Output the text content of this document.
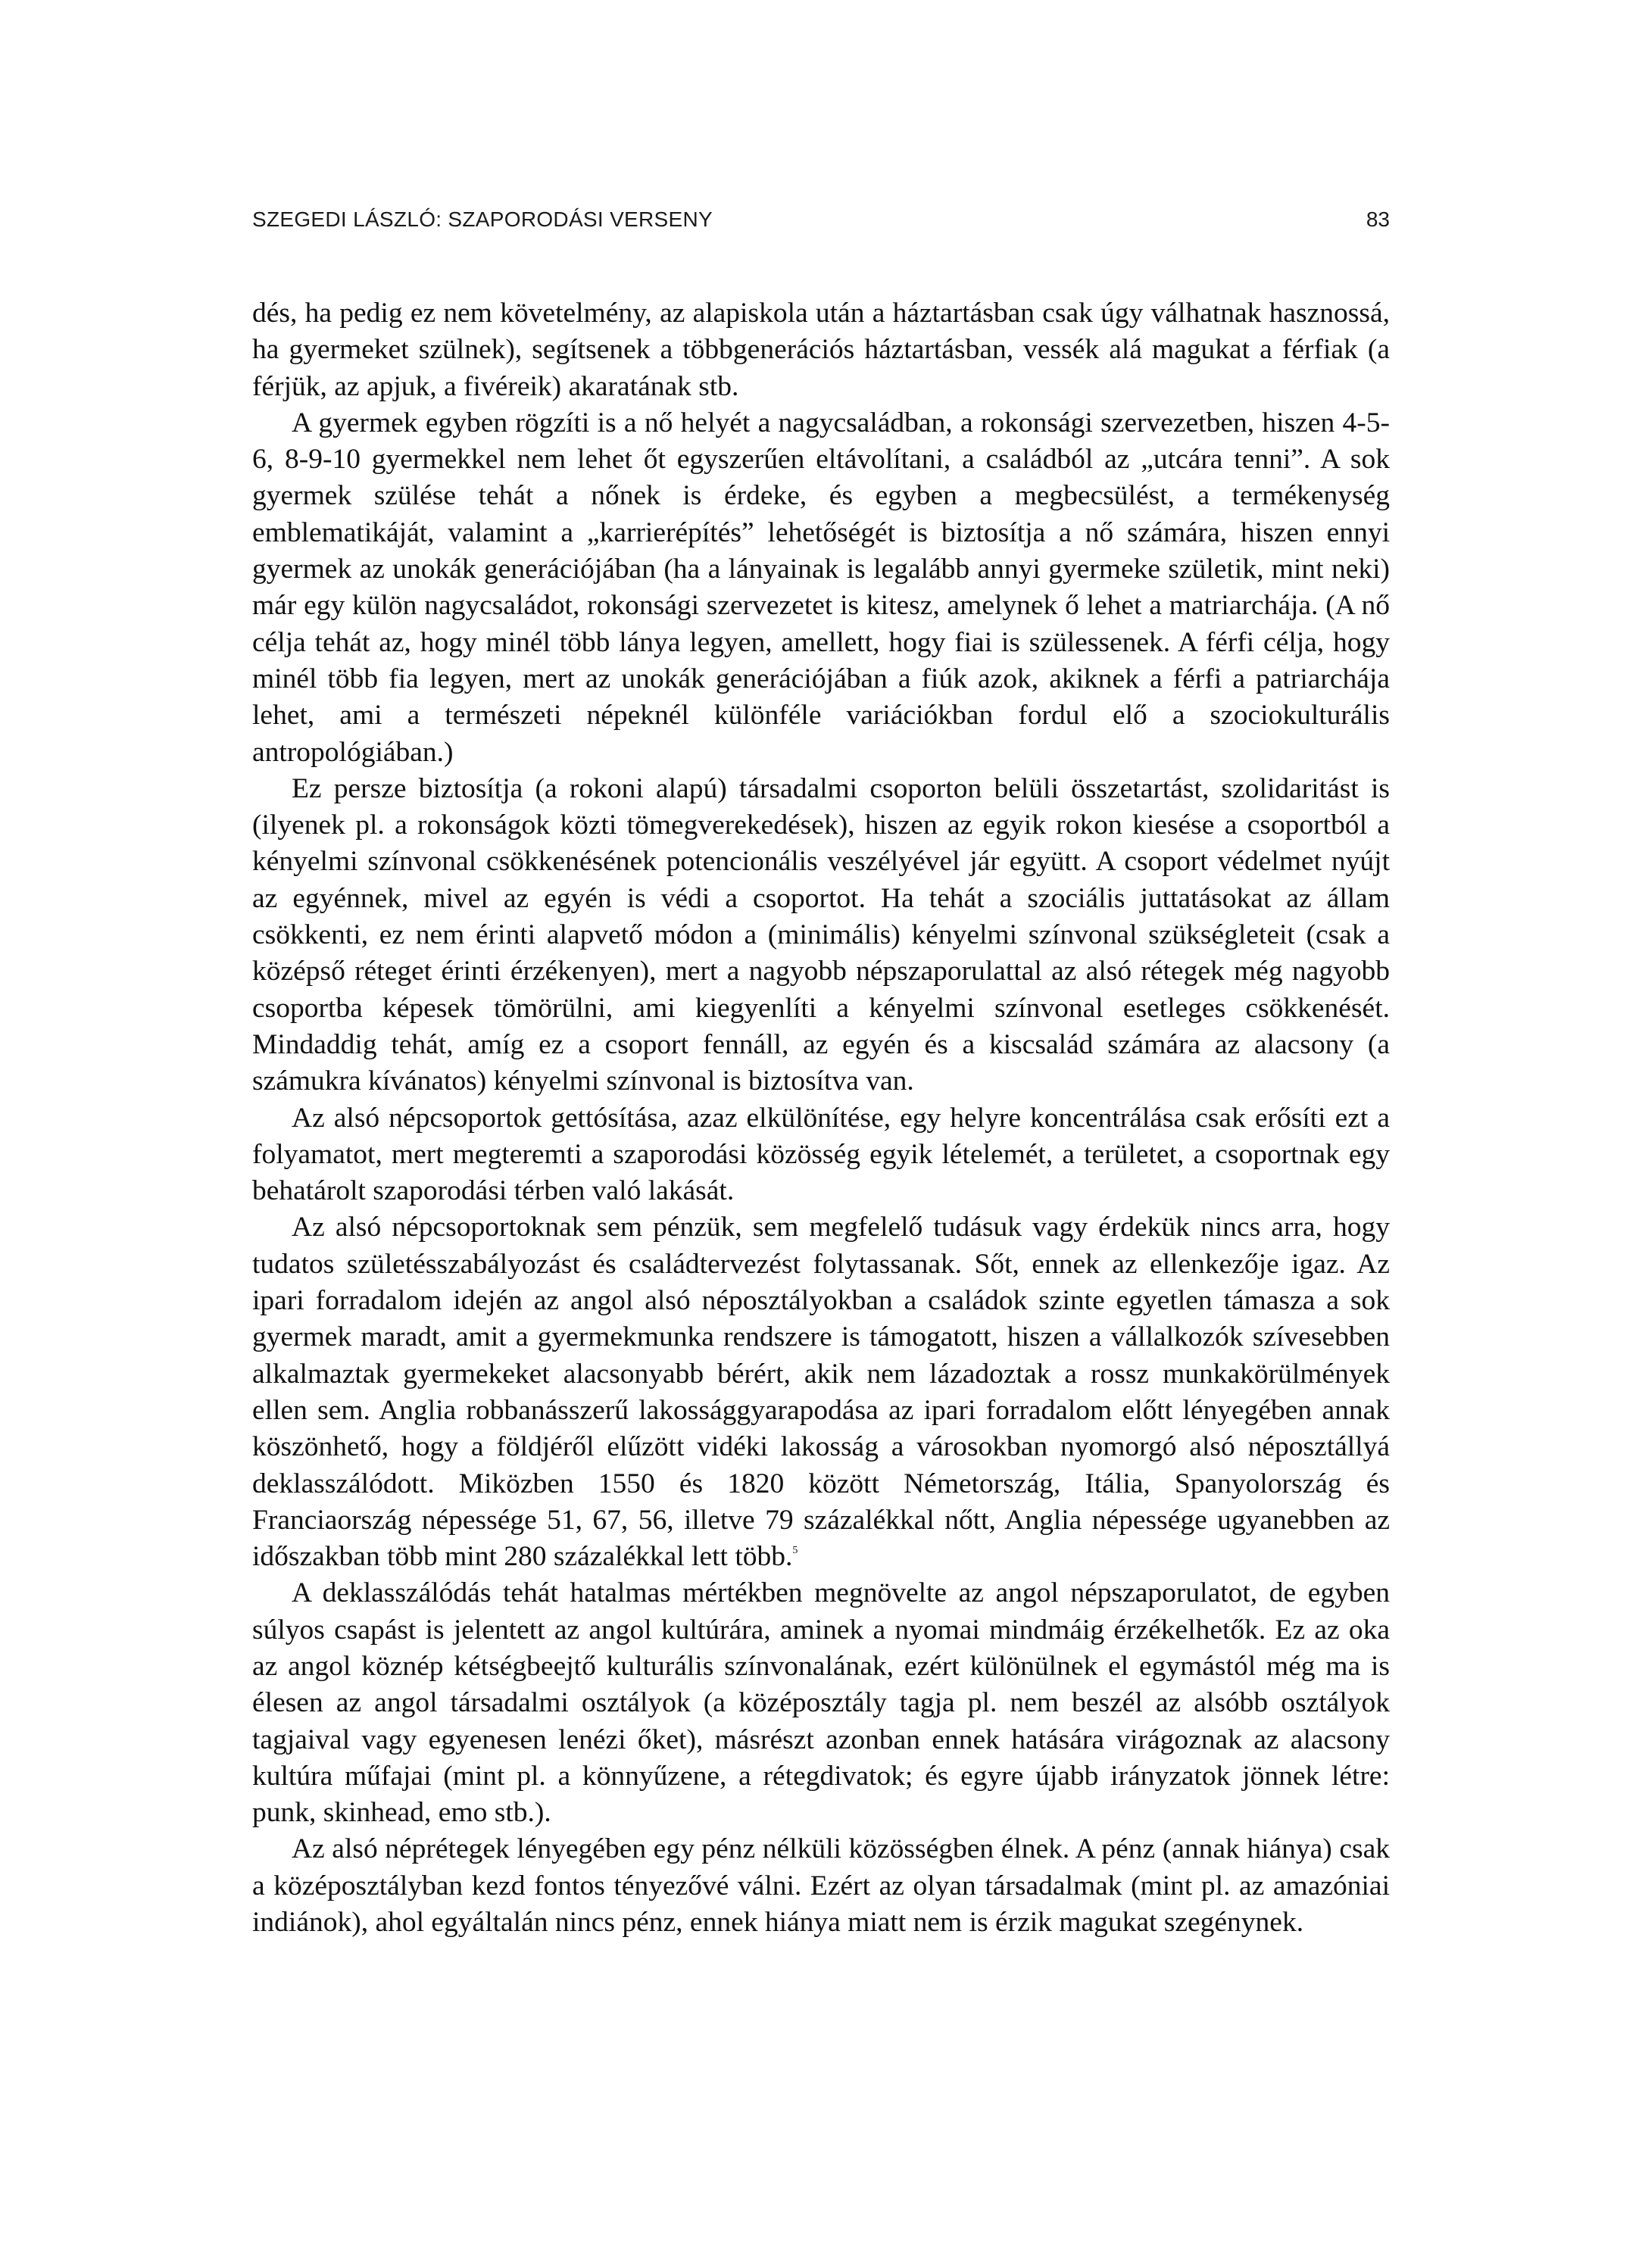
SZEGEDI LÁSZLÓ: SZAPORODÁSI VERSENY	83

dés, ha pedig ez nem követelmény, az alapiskola után a háztartásban csak úgy válhatnak hasznossá, ha gyermeket szülnek), segítsenek a többgenerációs háztartásban, vessék alá magukat a férfiak (a férjük, az apjuk, a fivéreik) akaratának stb.

A gyermek egyben rögzíti is a nő helyét a nagycsaládban, a rokonsági szervezetben, hiszen 4-5-6, 8-9-10 gyermekkel nem lehet őt egyszerűen eltávolítani, a családból az „utcára tenni”. A sok gyermek szülése tehát a nőnek is érdeke, és egyben a megbecsülést, a termékenység emblematikáját, valamint a „karrierépítés” lehetőségét is biztosítja a nő számára, hiszen ennyi gyermek az unokák generációjában (ha a lányainak is legalább annyi gyermeke születik, mint neki) már egy külön nagycsaládot, rokonsági szervezetet is kitesz, amelynek ő lehet a matriarchája. (A nő célja tehát az, hogy minél több lánya legyen, amellett, hogy fiai is szülessenek. A férfi célja, hogy minél több fia legyen, mert az unokák generációjában a fiúk azok, akiknek a férfi a patriarchája lehet, ami a természeti népeknél különféle variációkban fordul elő a szociokulturális antropológiában.)

Ez persze biztosítja (a rokoni alapú) társadalmi csoporton belüli összetartást, szolidaritást is (ilyenek pl. a rokonságok közti tömegverekedések), hiszen az egyik rokon kiesése a csoportból a kényelmi színvonal csökkenésének potencionális veszélyével jár együtt. A csoport védelmet nyújt az egyénnek, mivel az egyén is védi a csoportot. Ha tehát a szociális juttatásokat az állam csökkenti, ez nem érinti alapvető módon a (minimális) kényelmi színvonal szükségleteit (csak a középső réteget érinti érzékenyen), mert a nagyobb népszaporulattal az alsó rétegek még nagyobb csoportba képesek tömörülni, ami kiegyenlíti a kényelmi színvonal esetleges csökkenését. Mindaddig tehát, amíg ez a csoport fennáll, az egyén és a kiscsalád számára az alacsony (a számukra kívánatos) kényelmi színvonal is biztosítva van.

Az alsó népcsoportok gettósítása, azaz elkülönítése, egy helyre koncentrálása csak erősíti ezt a folyamatot, mert megteremti a szaporodási közösség egyik lételemét, a területet, a csoportnak egy behatárolt szaporodási térben való lakását.

Az alsó népcsoportoknak sem pénzük, sem megfelelő tudásuk vagy érdekük nincs arra, hogy tudatos születésszabályozást és családtervezést folytassanak. Sőt, ennek az ellenkezője igaz. Az ipari forradalom idején az angol alsó néposztályokban a családok szinte egyetlen támasza a sok gyermek maradt, amit a gyermekmunka rendszere is támogatott, hiszen a vállalkozók szívesebben alkalmaztak gyermekeket alacsonyabb bérért, akik nem lázadoztak a rossz munkakörülmények ellen sem. Anglia robbanásszerű lakossággyarapodása az ipari forradalom előtt lényegében annak köszönhető, hogy a földjéről elűzött vidéki lakosság a városokban nyomorgó alsó néposztállyá deklasszálódott. Miközben 1550 és 1820 között Németország, Itália, Spanyolország és Franciaország népessége 51, 67, 56, illetve 79 százalékkal nőtt, Anglia népessége ugyanebben az időszakban több mint 280 százalékkal lett több.$^5$

A deklasszálódás tehát hatalmas mértékben megnövelte az angol népszaporulatot, de egyben súlyos csapást is jelentett az angol kultúrára, aminek a nyomai mindmáig érzékelhetők. Ez az oka az angol köznép kétségbeejtő kulturális színvonalának, ezért különülnek el egymástól még ma is élesen az angol társadalmi osztályok (a középosztály tagja pl. nem beszél az alsóbb osztályok tagjaival vagy egyenesen lenézi őket), másrészt azonban ennek hatására virágoznak az alacsony kultúra műfajai (mint pl. a könnyűzene, a rétegdivatok; és egyre újabb irányzatok jönnek létre: punk, skinhead, emo stb.).

Az alsó néprétegek lényegében egy pénz nélküli közösségben élnek. A pénz (annak hiánya) csak a középosztályban kezd fontos tényezővé válni. Ezért az olyan társadalmak (mint pl. az amazóniai indiánok), ahol egyáltalán nincs pénz, ennek hiánya miatt nem is érzik magukat szegénynek.
